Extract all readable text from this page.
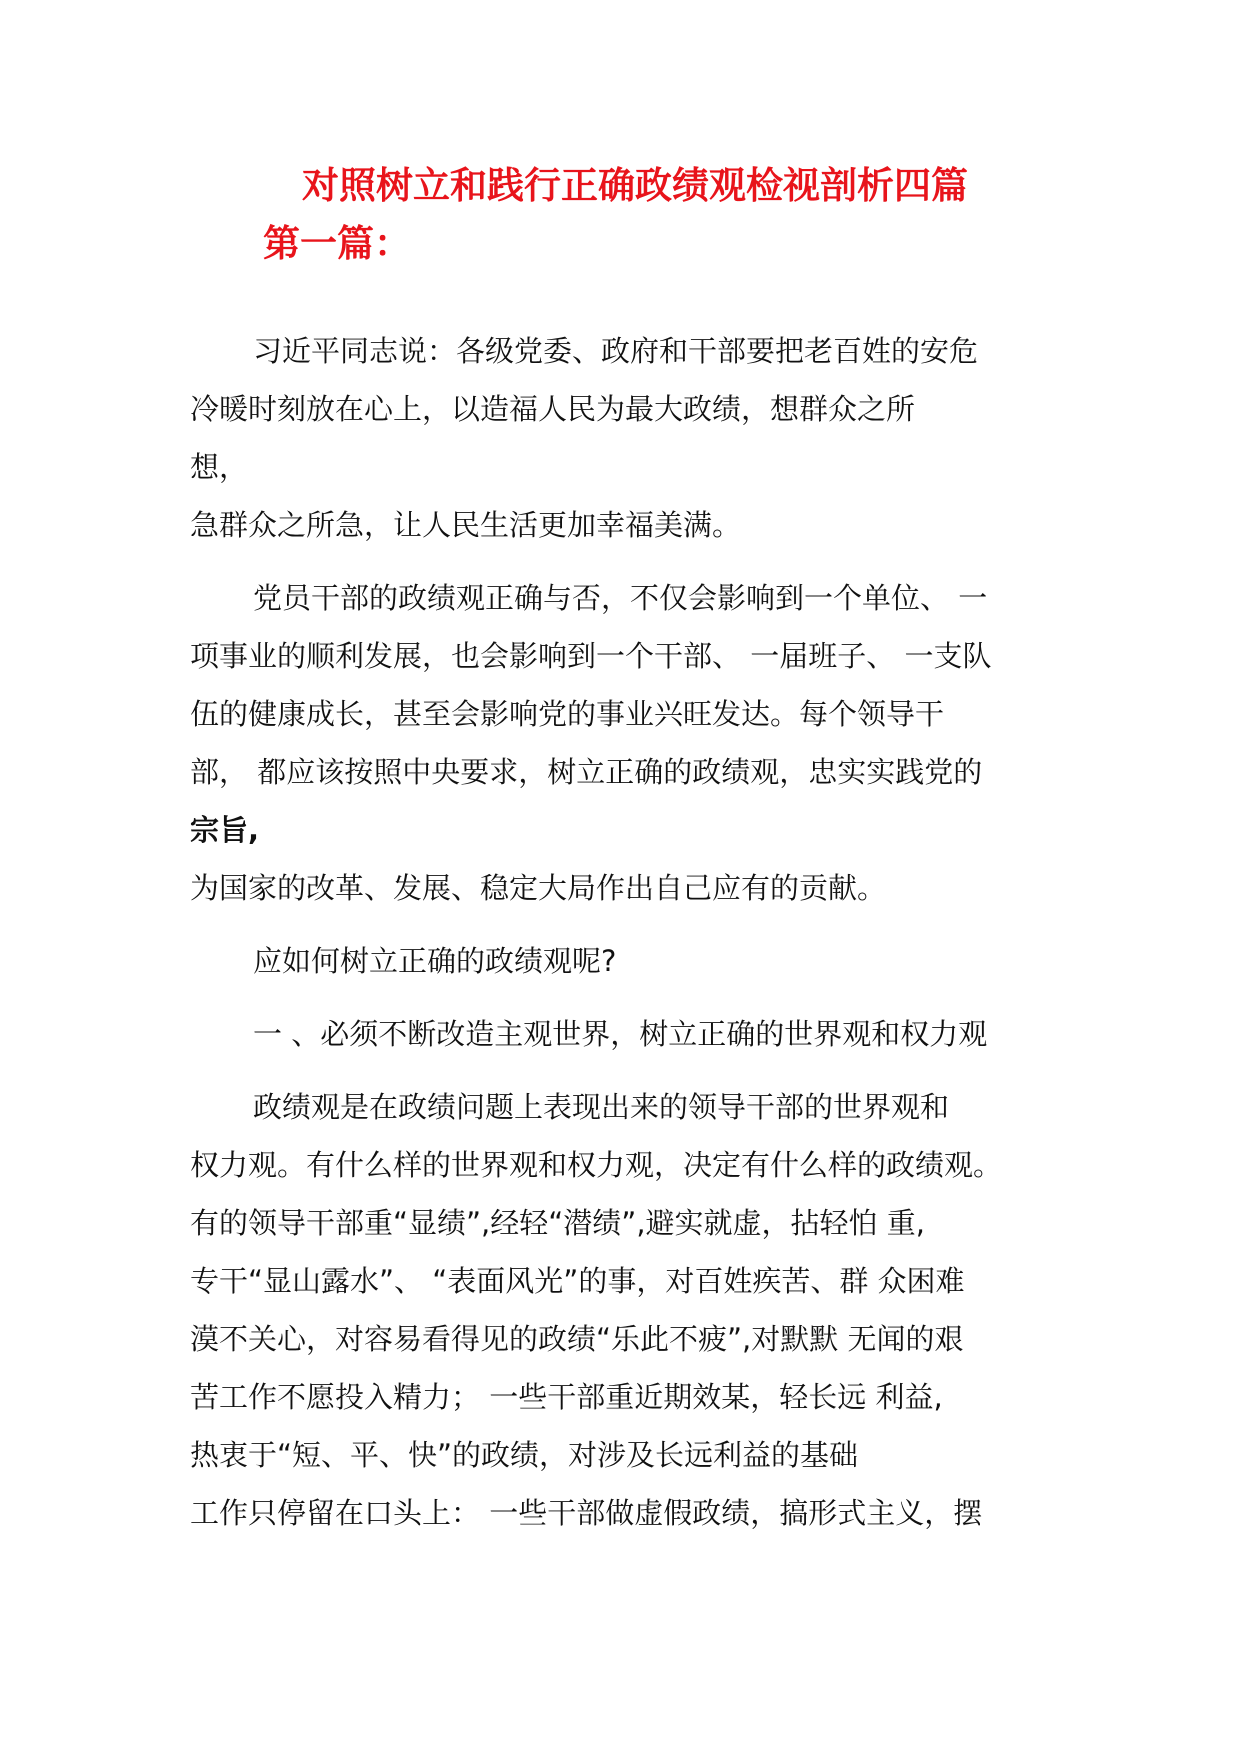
对照树立和践行正确政绩观检视剖析四篇
第一篇：

习近平同志说：各级党委、政府和干部要把老百姓的安危
冷暖时刻放在心上，以造福人民为最大政绩，想群众之所
想，
急群众之所急，让人民生活更加幸福美满。

党员干部的政绩观正确与否，不仅会影响到一个单位、 一
项事业的顺利发展，也会影响到一个干部、 一届班子、 一支队
伍的健康成长，甚至会影响党的事业兴旺发达。每个领导干
部， 都应该按照中央要求，树立正确的政绩观，忠实实践党的
宗旨,
为国家的改革、发展、稳定大局作出自己应有的贡献。

应如何树立正确的政绩观呢?

一 、必须不断改造主观世界，树立正确的世界观和权力观

政绩观是在政绩问题上表现出来的领导干部的世界观和
权力观。有什么样的世界观和权力观，决定有什么样的政绩观。
有的领导干部重“显绩”,经轻“潜绩”,避实就虚，拈轻怕 重,
专干“显山露水”、 “表面风光”的事，对百姓疾苦、群 众困难
漠不关心，对容易看得见的政绩“乐此不疲”,对默默 无闻的艰
苦工作不愿投入精力； 一些干部重近期效某，轻长远 利益,
热衷于“短、平、快”的政绩，对涉及长远利益的基础
工作只停留在口头上： 一些干部做虚假政绩，搞形式主义，摆
